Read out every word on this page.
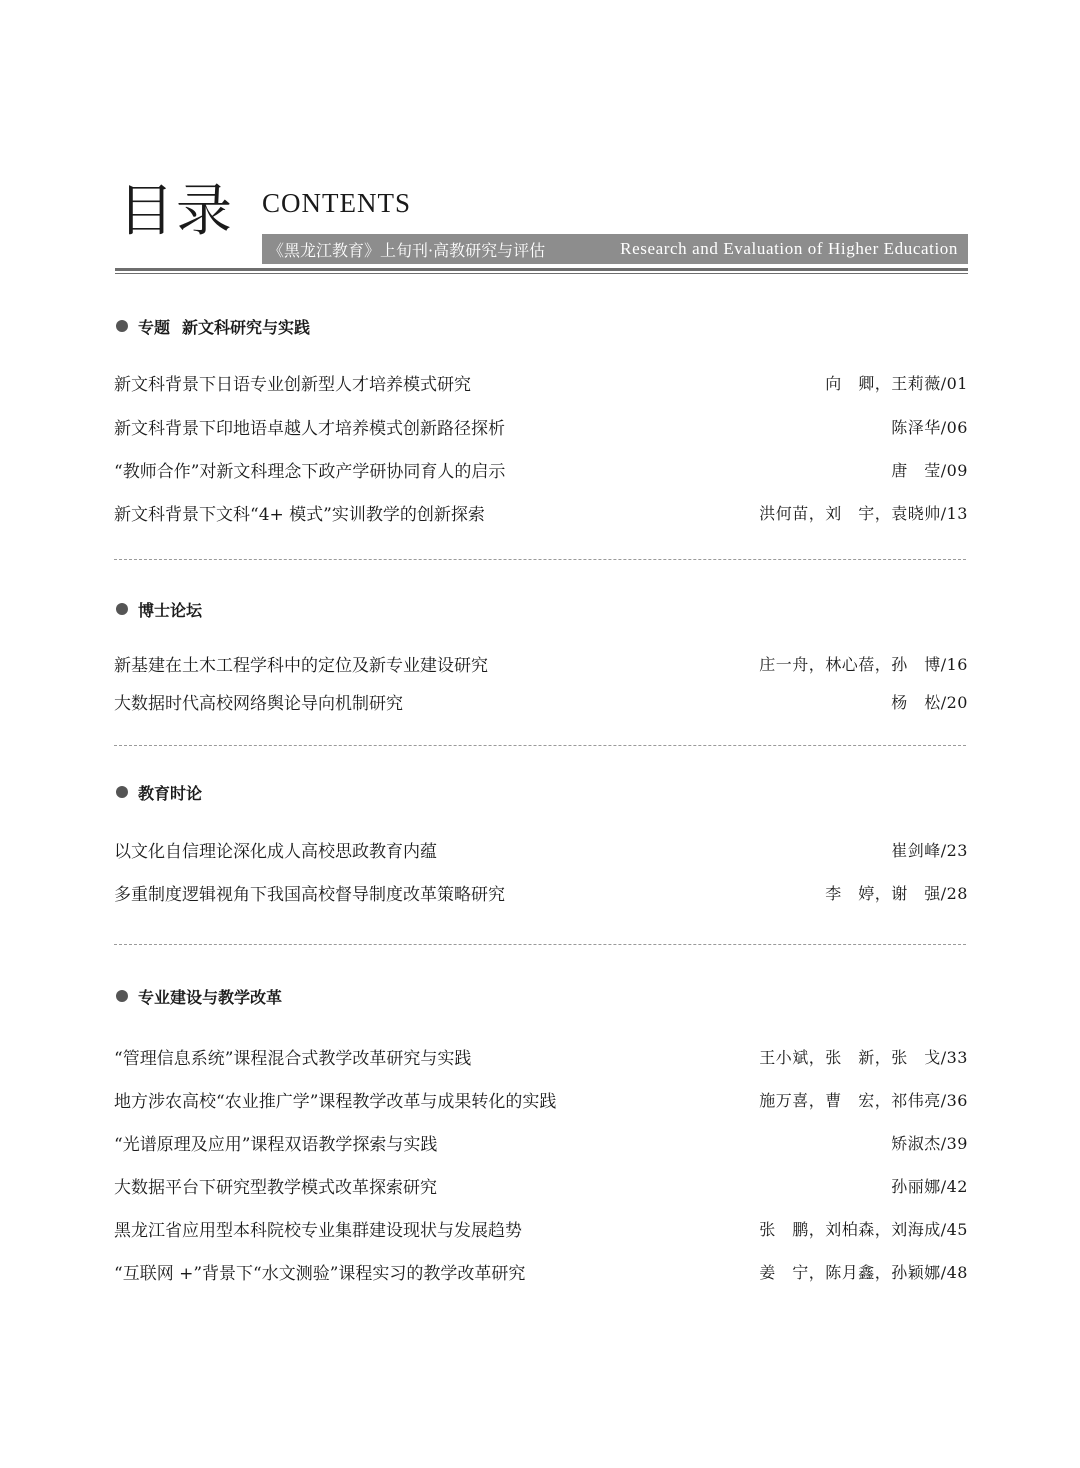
目录 CONTENTS
《黑龙江教育》上旬刊·高教研究与评估	Research and Evaluation of Higher Education
专题 新文科研究与实践
新文科背景下日语专业创新型人才培养模式研究	向　卿，王莉薇/01
新文科背景下印地语卓越人才培养模式创新路径探析	陈泽华/06
“教师合作”对新文科理念下政产学研协同育人的启示	唐　莹/09
新文科背景下文科“4+ 模式”实训教学的创新探索	洪何苗，刘　宇，袁晓帅/13
博士论坛
新基建在土木工程学科中的定位及新专业建设研究	庄一舟，林心蓓，孙　博/16
大数据时代高校网络舆论导向机制研究	杨　松/20
教育时论
以文化自信理论深化成人高校思政教育内蕴	崔剑峰/23
多重制度逻辑视角下我国高校督导制度改革策略研究	李　婷，谢　强/28
专业建设与教学改革
“管理信息系统”课程混合式教学改革研究与实践	王小斌，张　新，张　戈/33
地方涉农高校“农业推广学”课程教学改革与成果转化的实践	施万喜，曹　宏，祁伟亮/36
“光谱原理及应用”课程双语教学探索与实践	矫淑杰/39
大数据平台下研究型教学模式改革探索研究	孙丽娜/42
黑龙江省应用型本科院校专业集群建设现状与发展趋势	张　鹏，刘柏森，刘海成/45
“互联网 +”背景下“水文测验”课程实习的教学改革研究	姜　宁，陈月鑫，孙颖娜/48
